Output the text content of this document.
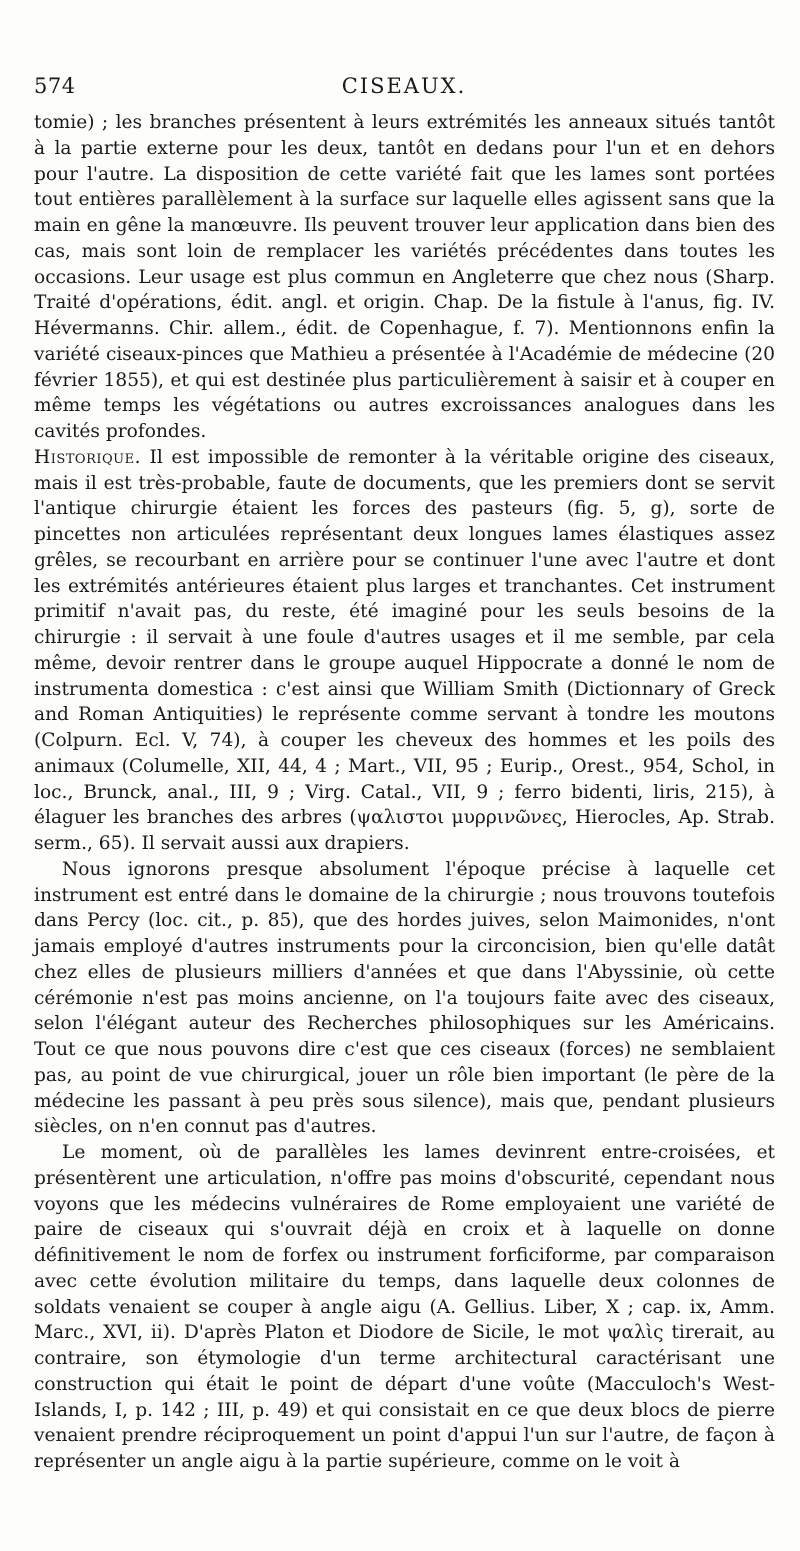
574	CISEAUX.

tomie) ; les branches présentent à leurs extrémités les anneaux situés tantôt à la partie externe pour les deux, tantôt en dedans pour l'un et en dehors pour l'autre. La disposition de cette variété fait que les lames sont portées tout entières parallèlement à la surface sur laquelle elles agissent sans que la main en gêne la manœuvre. Ils peuvent trouver leur application dans bien des cas, mais sont loin de remplacer les variétés précédentes dans toutes les occasions. Leur usage est plus commun en Angleterre que chez nous (Sharp. Traité d'opérations, édit. angl. et origin. Chap. De la fistule à l'anus, fig. IV. Hévermanns. Chir. allem., édit. de Copenhague, f. 7). Mentionnons enfin la variété ciseaux-pinces que Mathieu a présentée à l'Académie de médecine (20 février 1855), et qui est destinée plus particulièrement à saisir et à couper en même temps les végétations ou autres excroissances analogues dans les cavités profondes.

Historique. Il est impossible de remonter à la véritable origine des ciseaux, mais il est très-probable, faute de documents, que les premiers dont se servit l'antique chirurgie étaient les forces des pasteurs (fig. 5, g), sorte de pincettes non articulées représentant deux longues lames élastiques assez grêles, se recourbant en arrière pour se continuer l'une avec l'autre et dont les extrémités antérieures étaient plus larges et tranchantes. Cet instrument primitif n'avait pas, du reste, été imaginé pour les seuls besoins de la chirurgie : il servait à une foule d'autres usages et il me semble, par cela même, devoir rentrer dans le groupe auquel Hippocrate a donné le nom de instrumenta domestica : c'est ainsi que William Smith (Dictionnary of Greck and Roman Antiquities) le représente comme servant à tondre les moutons (Colpurn. Ecl. V, 74), à couper les cheveux des hommes et les poils des animaux (Columelle, XII, 44, 4 ; Mart., VII, 95 ; Eurip., Orest., 954, Schol, in loc., Brunck, anal., III, 9 ; Virg. Catal., VII, 9 ; ferro bidenti, liris, 215), à élaguer les branches des arbres (ψαλιστοι μυρρινῶνες, Hierocles, Ap. Strab. serm., 65). Il servait aussi aux drapiers.

Nous ignorons presque absolument l'époque précise à laquelle cet instrument est entré dans le domaine de la chirurgie ; nous trouvons toutefois dans Percy (loc. cit., p. 85), que des hordes juives, selon Maimonides, n'ont jamais employé d'autres instruments pour la circoncision, bien qu'elle datât chez elles de plusieurs milliers d'années et que dans l'Abyssinie, où cette cérémonie n'est pas moins ancienne, on l'a toujours faite avec des ciseaux, selon l'élégant auteur des Recherches philosophiques sur les Américains. Tout ce que nous pouvons dire c'est que ces ciseaux (forces) ne semblaient pas, au point de vue chirurgical, jouer un rôle bien important (le père de la médecine les passant à peu près sous silence), mais que, pendant plusieurs siècles, on n'en connut pas d'autres.

Le moment, où de parallèles les lames devinrent entre-croisées, et présentèrent une articulation, n'offre pas moins d'obscurité, cependant nous voyons que les médecins vulnéraires de Rome employaient une variété de paire de ciseaux qui s'ouvrait déjà en croix et à laquelle on donne définitivement le nom de forfex ou instrument forficiforme, par comparaison avec cette évolution militaire du temps, dans laquelle deux colonnes de soldats venaient se couper à angle aigu (A. Gellius. Liber, X ; cap. ix, Amm. Marc., XVI, ii). D'après Platon et Diodore de Sicile, le mot ψαλὶς tirerait, au contraire, son étymologie d'un terme architectural caractérisant une construction qui était le point de départ d'une voûte (Macculoch's West-Islands, I, p. 142 ; III, p. 49) et qui consistait en ce que deux blocs de pierre venaient prendre réciproquement un point d'appui l'un sur l'autre, de façon à représenter un angle aigu à la partie supérieure, comme on le voit à
